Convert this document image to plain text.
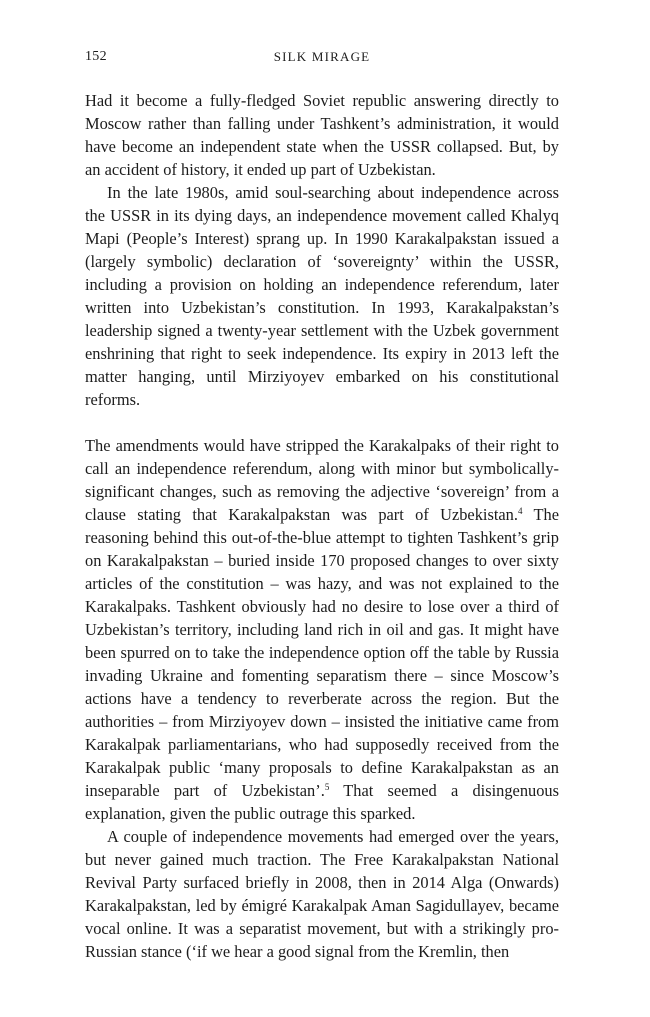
152	SILK MIRAGE

Had it become a fully-fledged Soviet republic answering directly to Moscow rather than falling under Tashkent’s administration, it would have become an independent state when the USSR collapsed. But, by an accident of history, it ended up part of Uzbekistan.

In the late 1980s, amid soul-searching about independence across the USSR in its dying days, an independence movement called Khalyq Mapi (People’s Interest) sprang up. In 1990 Karakalpakstan issued a (largely symbolic) declaration of ‘sovereignty’ within the USSR, including a provision on holding an independence referendum, later written into Uzbekistan’s constitution. In 1993, Karakalpakstan’s leadership signed a twenty-year settlement with the Uzbek government enshrining that right to seek independence. Its expiry in 2013 left the matter hanging, until Mirziyoyev embarked on his constitutional reforms.

The amendments would have stripped the Karakalpaks of their right to call an independence referendum, along with minor but symbolically-significant changes, such as removing the adjective ‘sovereign’ from a clause stating that Karakalpakstan was part of Uzbekistan.$^4$ The reasoning behind this out-of-the-blue attempt to tighten Tashkent’s grip on Karakalpakstan – buried inside 170 proposed changes to over sixty articles of the constitution – was hazy, and was not explained to the Karakalpaks. Tashkent obviously had no desire to lose over a third of Uzbekistan’s territory, including land rich in oil and gas. It might have been spurred on to take the independence option off the table by Russia invading Ukraine and fomenting separatism there – since Moscow’s actions have a tendency to reverberate across the region. But the authorities – from Mirziyoyev down – insisted the initiative came from Karakalpak parliamentarians, who had supposedly received from the Karakalpak public ‘many proposals to define Karakalpakstan as an inseparable part of Uzbekistan’.$^5$ That seemed a disingenuous explanation, given the public outrage this sparked.

A couple of independence movements had emerged over the years, but never gained much traction. The Free Karakalpakstan National Revival Party surfaced briefly in 2008, then in 2014 Alga (Onwards) Karakalpakstan, led by émigré Karakalpak Aman Sagidullayev, became vocal online. It was a separatist movement, but with a strikingly pro-Russian stance (‘if we hear a good signal from the Kremlin, then
